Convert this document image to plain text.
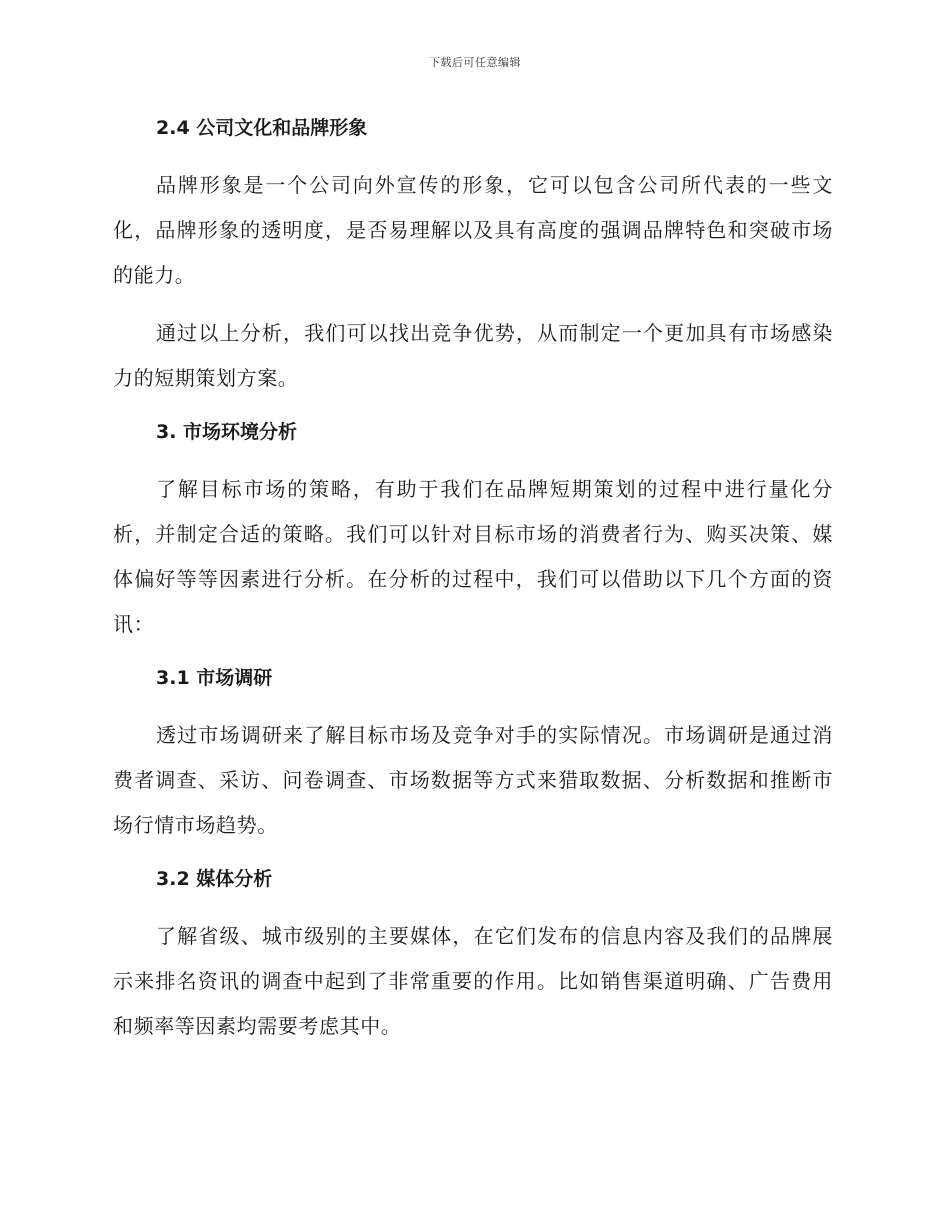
下载后可任意编辑
2.4 公司文化和品牌形象

品牌形象是一个公司向外宣传的形象，它可以包含公司所代表的一些文化，品牌形象的透明度，是否易理解以及具有高度的强调品牌特色和突破市场的能力。

通过以上分析，我们可以找出竞争优势，从而制定一个更加具有市场感染力的短期策划方案。

3. 市场环境分析

了解目标市场的策略，有助于我们在品牌短期策划的过程中进行量化分析，并制定合适的策略。我们可以针对目标市场的消费者行为、购买决策、媒体偏好等等因素进行分析。在分析的过程中，我们可以借助以下几个方面的资讯：

3.1 市场调研

透过市场调研来了解目标市场及竞争对手的实际情况。市场调研是通过消费者调查、采访、问卷调查、市场数据等方式来猎取数据、分析数据和推断市场行情市场趋势。

3.2 媒体分析

了解省级、城市级别的主要媒体，在它们发布的信息内容及我们的品牌展示来排名资讯的调查中起到了非常重要的作用。比如销售渠道明确、广告费用和频率等因素均需要考虑其中。
